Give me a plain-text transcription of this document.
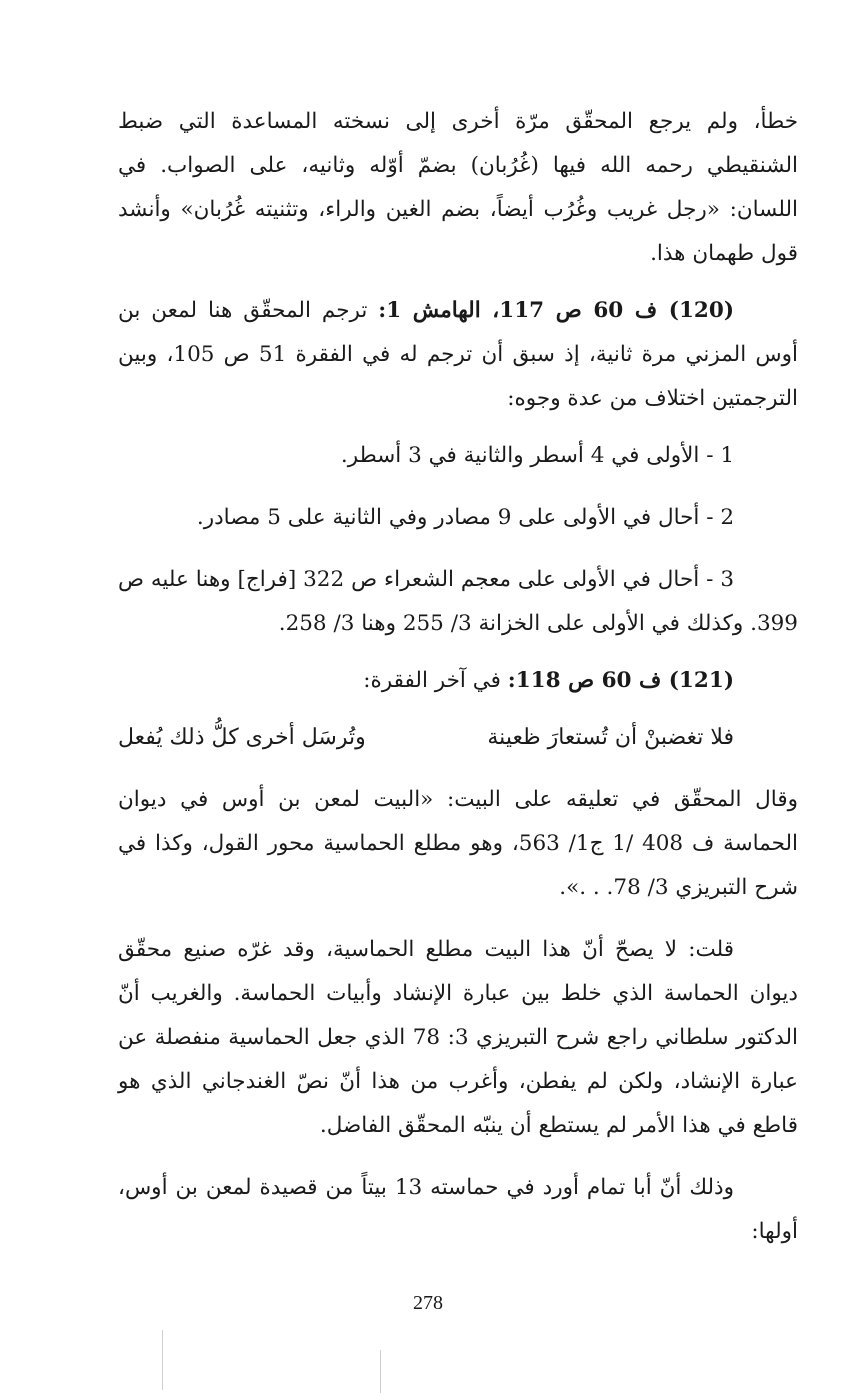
خطأ، ولم يرجع المحقّق مرّة أخرى إلى نسخته المساعدة التي ضبط الشنقيطي رحمه الله فيها (غُرُبان) بضمّ أوّله وثانيه، على الصواب. في اللسان: «رجل غريب وغُرُب أيضاً، بضم الغين والراء، وتثنيته غُرُبان» وأنشد قول طهمان هذا.

(120) ف 60 ص 117، الهامش 1: ترجم المحقّق هنا لمعن بن أوس المزني مرة ثانية، إذ سبق أن ترجم له في الفقرة 51 ص 105، وبين الترجمتين اختلاف من عدة وجوه:

1 - الأولى في 4 أسطر والثانية في 3 أسطر.

2 - أحال في الأولى على 9 مصادر وفي الثانية على 5 مصادر.

3 - أحال في الأولى على معجم الشعراء ص 322 [فراج] وهنا عليه ص 399. وكذلك في الأولى على الخزانة 3/ 255 وهنا 3/ 258.

(121) ف 60 ص 118: في آخر الفقرة:

فلا تغضبنْ أن تُستعارَ ظعينة
وتُرسَل أخرى كلُّ ذلك يُفعل

وقال المحقّق في تعليقه على البيت: «البيت لمعن بن أوس في ديوان الحماسة ف 408 /1 ج1/ 563، وهو مطلع الحماسية محور القول، وكذا في شرح التبريزي 3/ 78. . .».

قلت: لا يصحّ أنّ هذا البيت مطلع الحماسية، وقد غرّه صنيع محقّق ديوان الحماسة الذي خلط بين عبارة الإنشاد وأبيات الحماسة. والغريب أنّ الدكتور سلطاني راجع شرح التبريزي 3: 78 الذي جعل الحماسية منفصلة عن عبارة الإنشاد، ولكن لم يفطن، وأغرب من هذا أنّ نصّ الغندجاني الذي هو قاطع في هذا الأمر لم يستطع أن ينبّه المحقّق الفاضل.

وذلك أنّ أبا تمام أورد في حماسته 13 بيتاً من قصيدة لمعن بن أوس، أولها:

278
